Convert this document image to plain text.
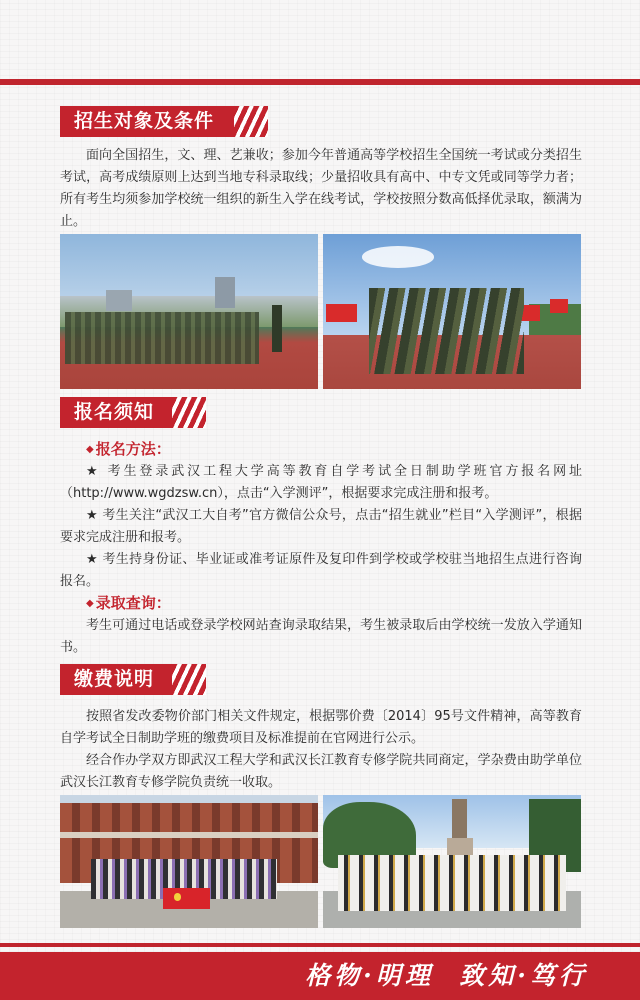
招生对象及条件

面向全国招生，文、理、艺兼收；参加今年普通高等学校招生全国统一考试或分类招生考试，高考成绩原则上达到当地专科录取线；少量招收具有高中、中专文凭或同等学力者；所有考生均须参加学校统一组织的新生入学在线考试，学校按照分数高低择优录取，额满为止。

报名须知
◆ 报名方法：

★ 考生登录武汉工程大学高等教育自学考试全日制助学班官方报名网址（http://www.wgdzsw.cn），点击“入学测评”，根据要求完成注册和报考。

★ 考生关注“武汉工大自考”官方微信公众号，点击“招生就业”栏目“入学测评”，根据要求完成注册和报考。

★ 考生持身份证、毕业证或准考证原件及复印件到学校或学校驻当地招生点进行咨询报名。

◆ 录取查询：

考生可通过电话或登录学校网站查询录取结果，考生被录取后由学校统一发放入学通知书。

缴费说明

按照省发改委物价部门相关文件规定，根据鄂价费〔2014〕95号文件精神，高等教育自学考试全日制助学班的缴费项目及标准提前在官网进行公示。

经合作办学双方即武汉工程大学和武汉长江教育专修学院共同商定，学杂费由助学单位武汉长江教育专修学院负责统一收取。

格物·明理  致知·笃行
